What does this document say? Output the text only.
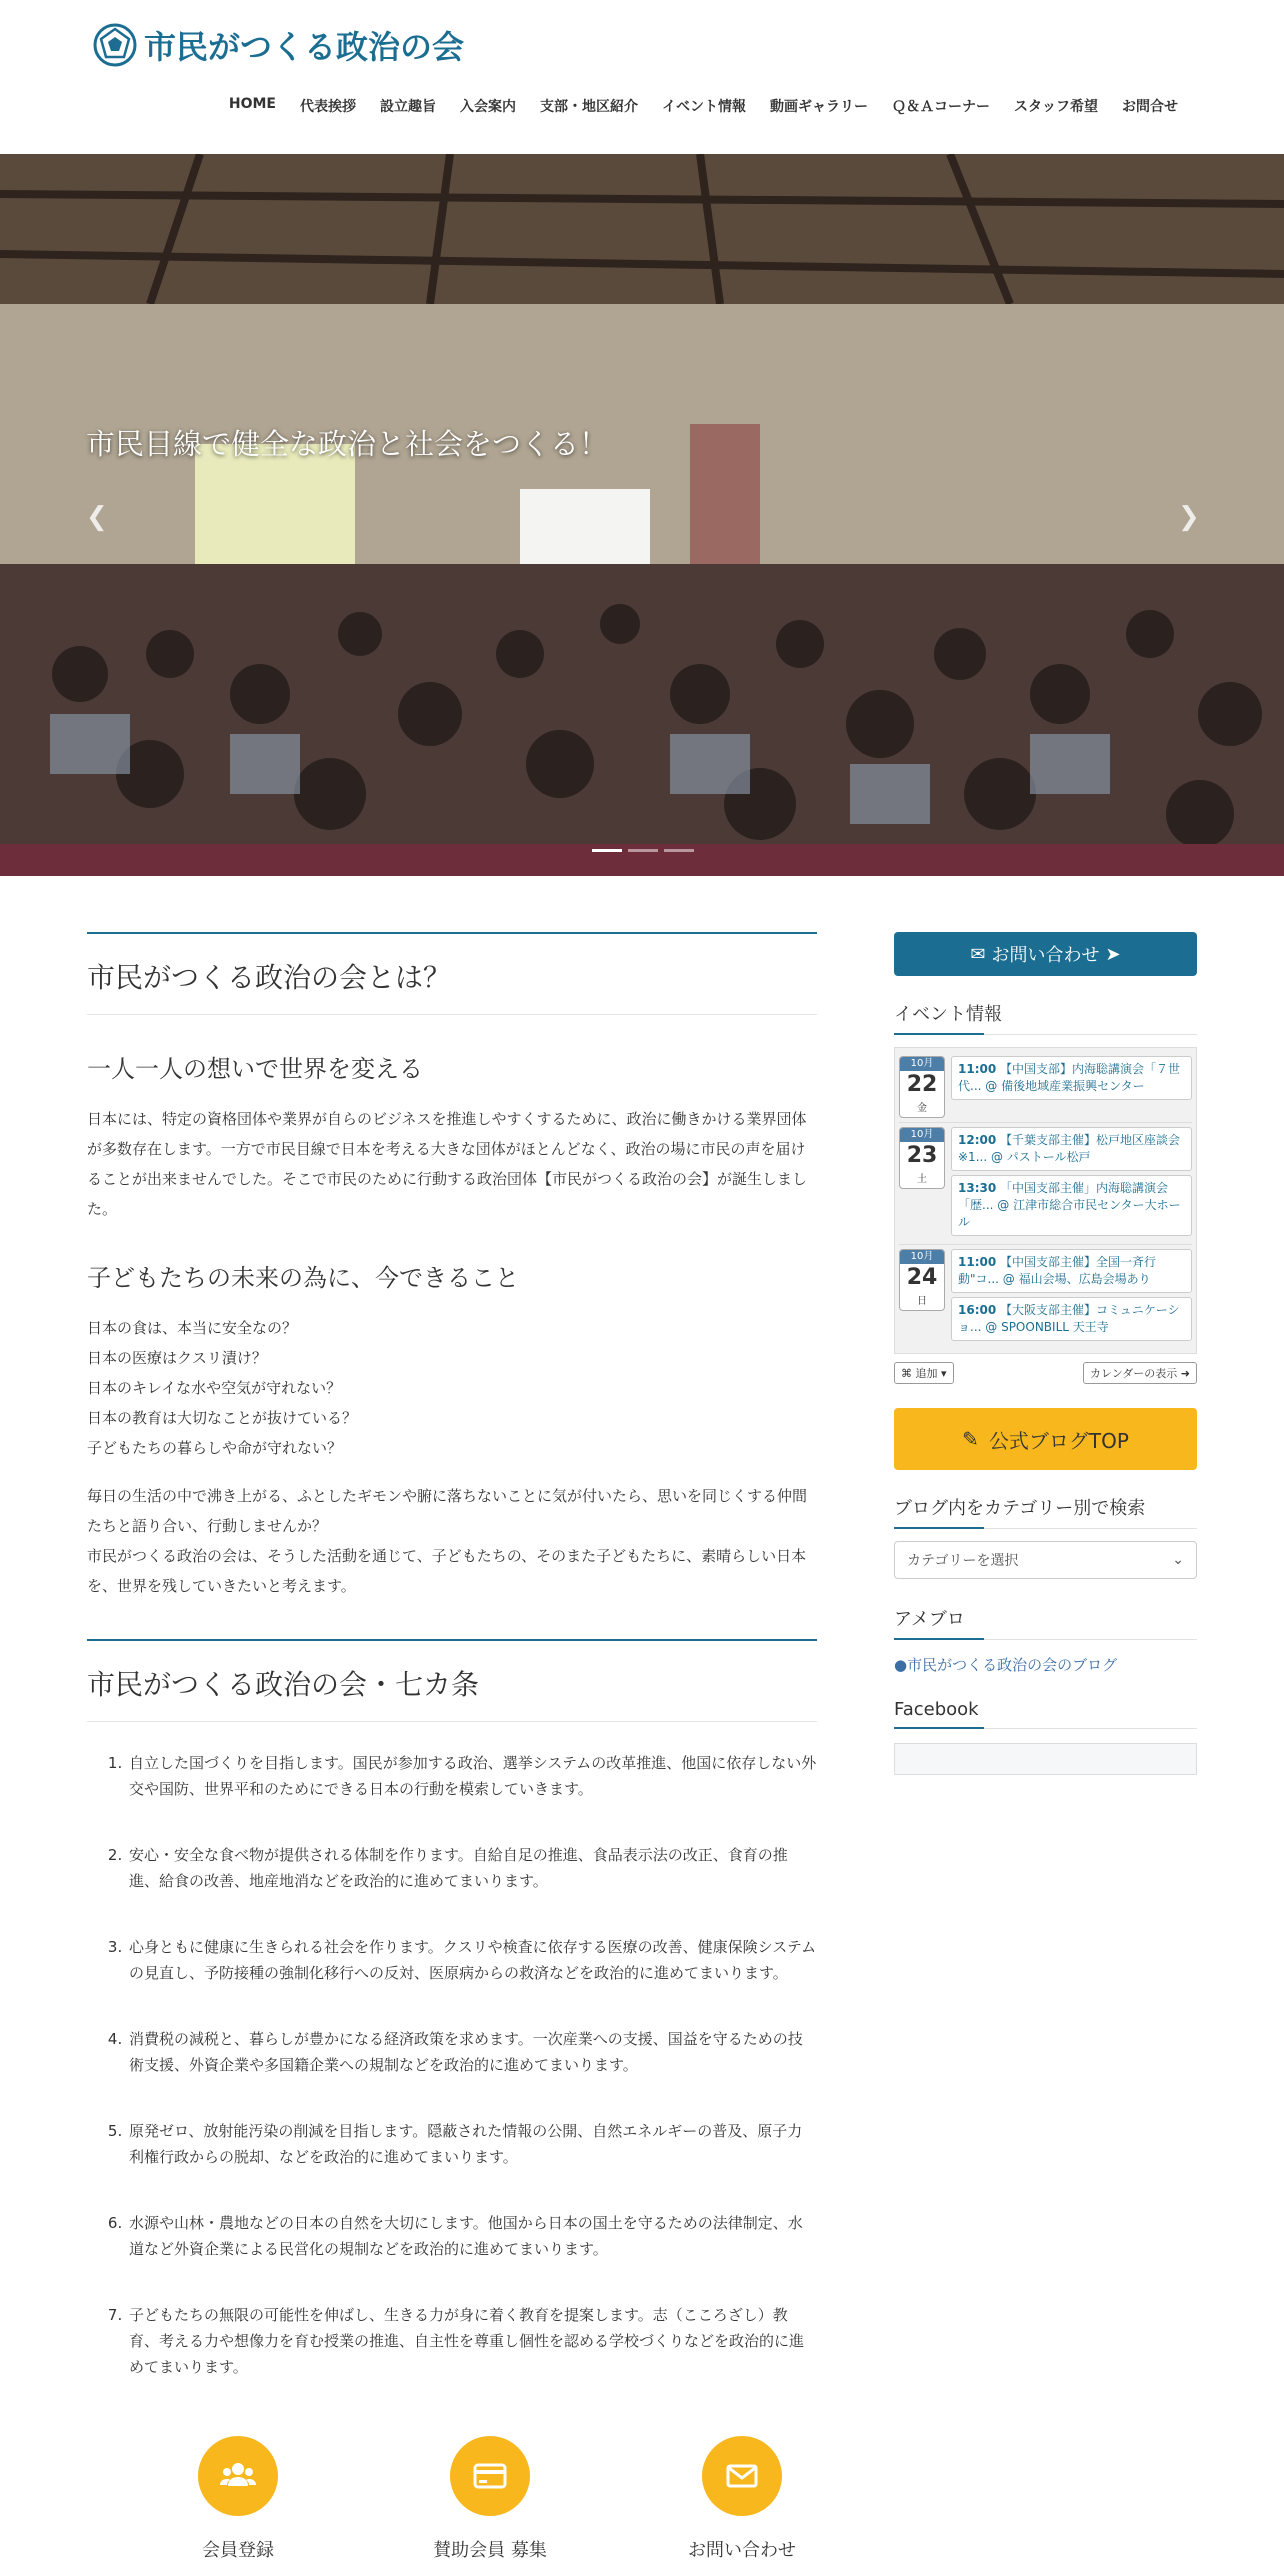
市民がつくる政治の会
HOME	代表挨拶	設立趣旨	入会案内	支部・地区紹介	イベント情報	動画ギャラリー	Ｑ＆Ａコーナー	スタッフ希望	お問合せ
市民目線で健全な政治と社会をつくる！
❮	❯
市民がつくる政治の会とは？
一人一人の想いで世界を変える

日本には、特定の資格団体や業界が自らのビジネスを推進しやすくするために、政治に働きかける業界団体が多数存在します。一方で市民目線で日本を考える大きな団体がほとんどなく、政治の場に市民の声を届けることが出来ませんでした。そこで市民のために行動する政治団体【市民がつくる政治の会】が誕生しました。

子どもたちの未来の為に、今できること
日本の食は、本当に安全なの？
日本の医療はクスリ漬け？
日本のキレイな水や空気が守れない？
日本の教育は大切なことが抜けている？
子どもたちの暮らしや命が守れない？

毎日の生活の中で沸き上がる、ふとしたギモンや腑に落ちないことに気が付いたら、思いを同じくする仲間たちと語り合い、行動しませんか？

市民がつくる政治の会は、そうした活動を通じて、子どもたちの、そのまた子どもたちに、素晴らしい日本を、世界を残していきたいと考えます。

市民がつくる政治の会・七カ条
1. 自立した国づくりを目指します。国民が参加する政治、選挙システムの改革推進、他国に依存しない外交や国防、世界平和のためにできる日本の行動を模索していきます。
2. 安心・安全な食べ物が提供される体制を作ります。自給自足の推進、食品表示法の改正、食育の推進、給食の改善、地産地消などを政治的に進めてまいります。
3. 心身ともに健康に生きられる社会を作ります。クスリや検査に依存する医療の改善、健康保険システムの見直し、予防接種の強制化移行への反対、医原病からの救済などを政治的に進めてまいります。
4. 消費税の減税と、暮らしが豊かになる経済政策を求めます。一次産業への支援、国益を守るための技術支援、外資企業や多国籍企業への規制などを政治的に進めてまいります。
5. 原発ゼロ、放射能汚染の削減を目指します。隠蔽された情報の公開、自然エネルギーの普及、原子力利権行政からの脱却、などを政治的に進めてまいります。
6. 水源や山林・農地などの日本の自然を大切にします。他国から日本の国土を守るための法律制定、水道など外資企業による民営化の規制などを政治的に進めてまいります。
7. 子どもたちの無限の可能性を伸ばし、生きる力が身に着く教育を提案します。志（こころざし）教育、考える力や想像力を育む授業の推進、自主性を尊重し個性を認める学校づくりなどを政治的に進めてまいります。
会員登録	賛助会員 募集	お問い合わせ
✉ お問い合わせ ➤
イベント情報
10月
22
金
11:00 【中国支部】内海聡講演会「７世代... @ 備後地域産業振興センター
10月
23
土
12:00 【千葉支部主催】松戸地区座談会※1... @ パストール松戸
13:30 「中国支部主催」内海聡講演会「歴... @ 江津市総合市民センター大ホール
10月
24
日
11:00 【中国支部主催】全国一斉行動"コ... @ 福山会場、広島会場あり
16:00 【大阪支部主催】コミュニケーショ... @ SPOONBILL 天王寺
⌘ 追加 ▾	カレンダーの表示 ➜
✎ 公式ブログTOP
ブログ内をカテゴリー別で検索
カテゴリーを選択	⌄
アメブロ
●市民がつくる政治の会のブログ
Facebook
